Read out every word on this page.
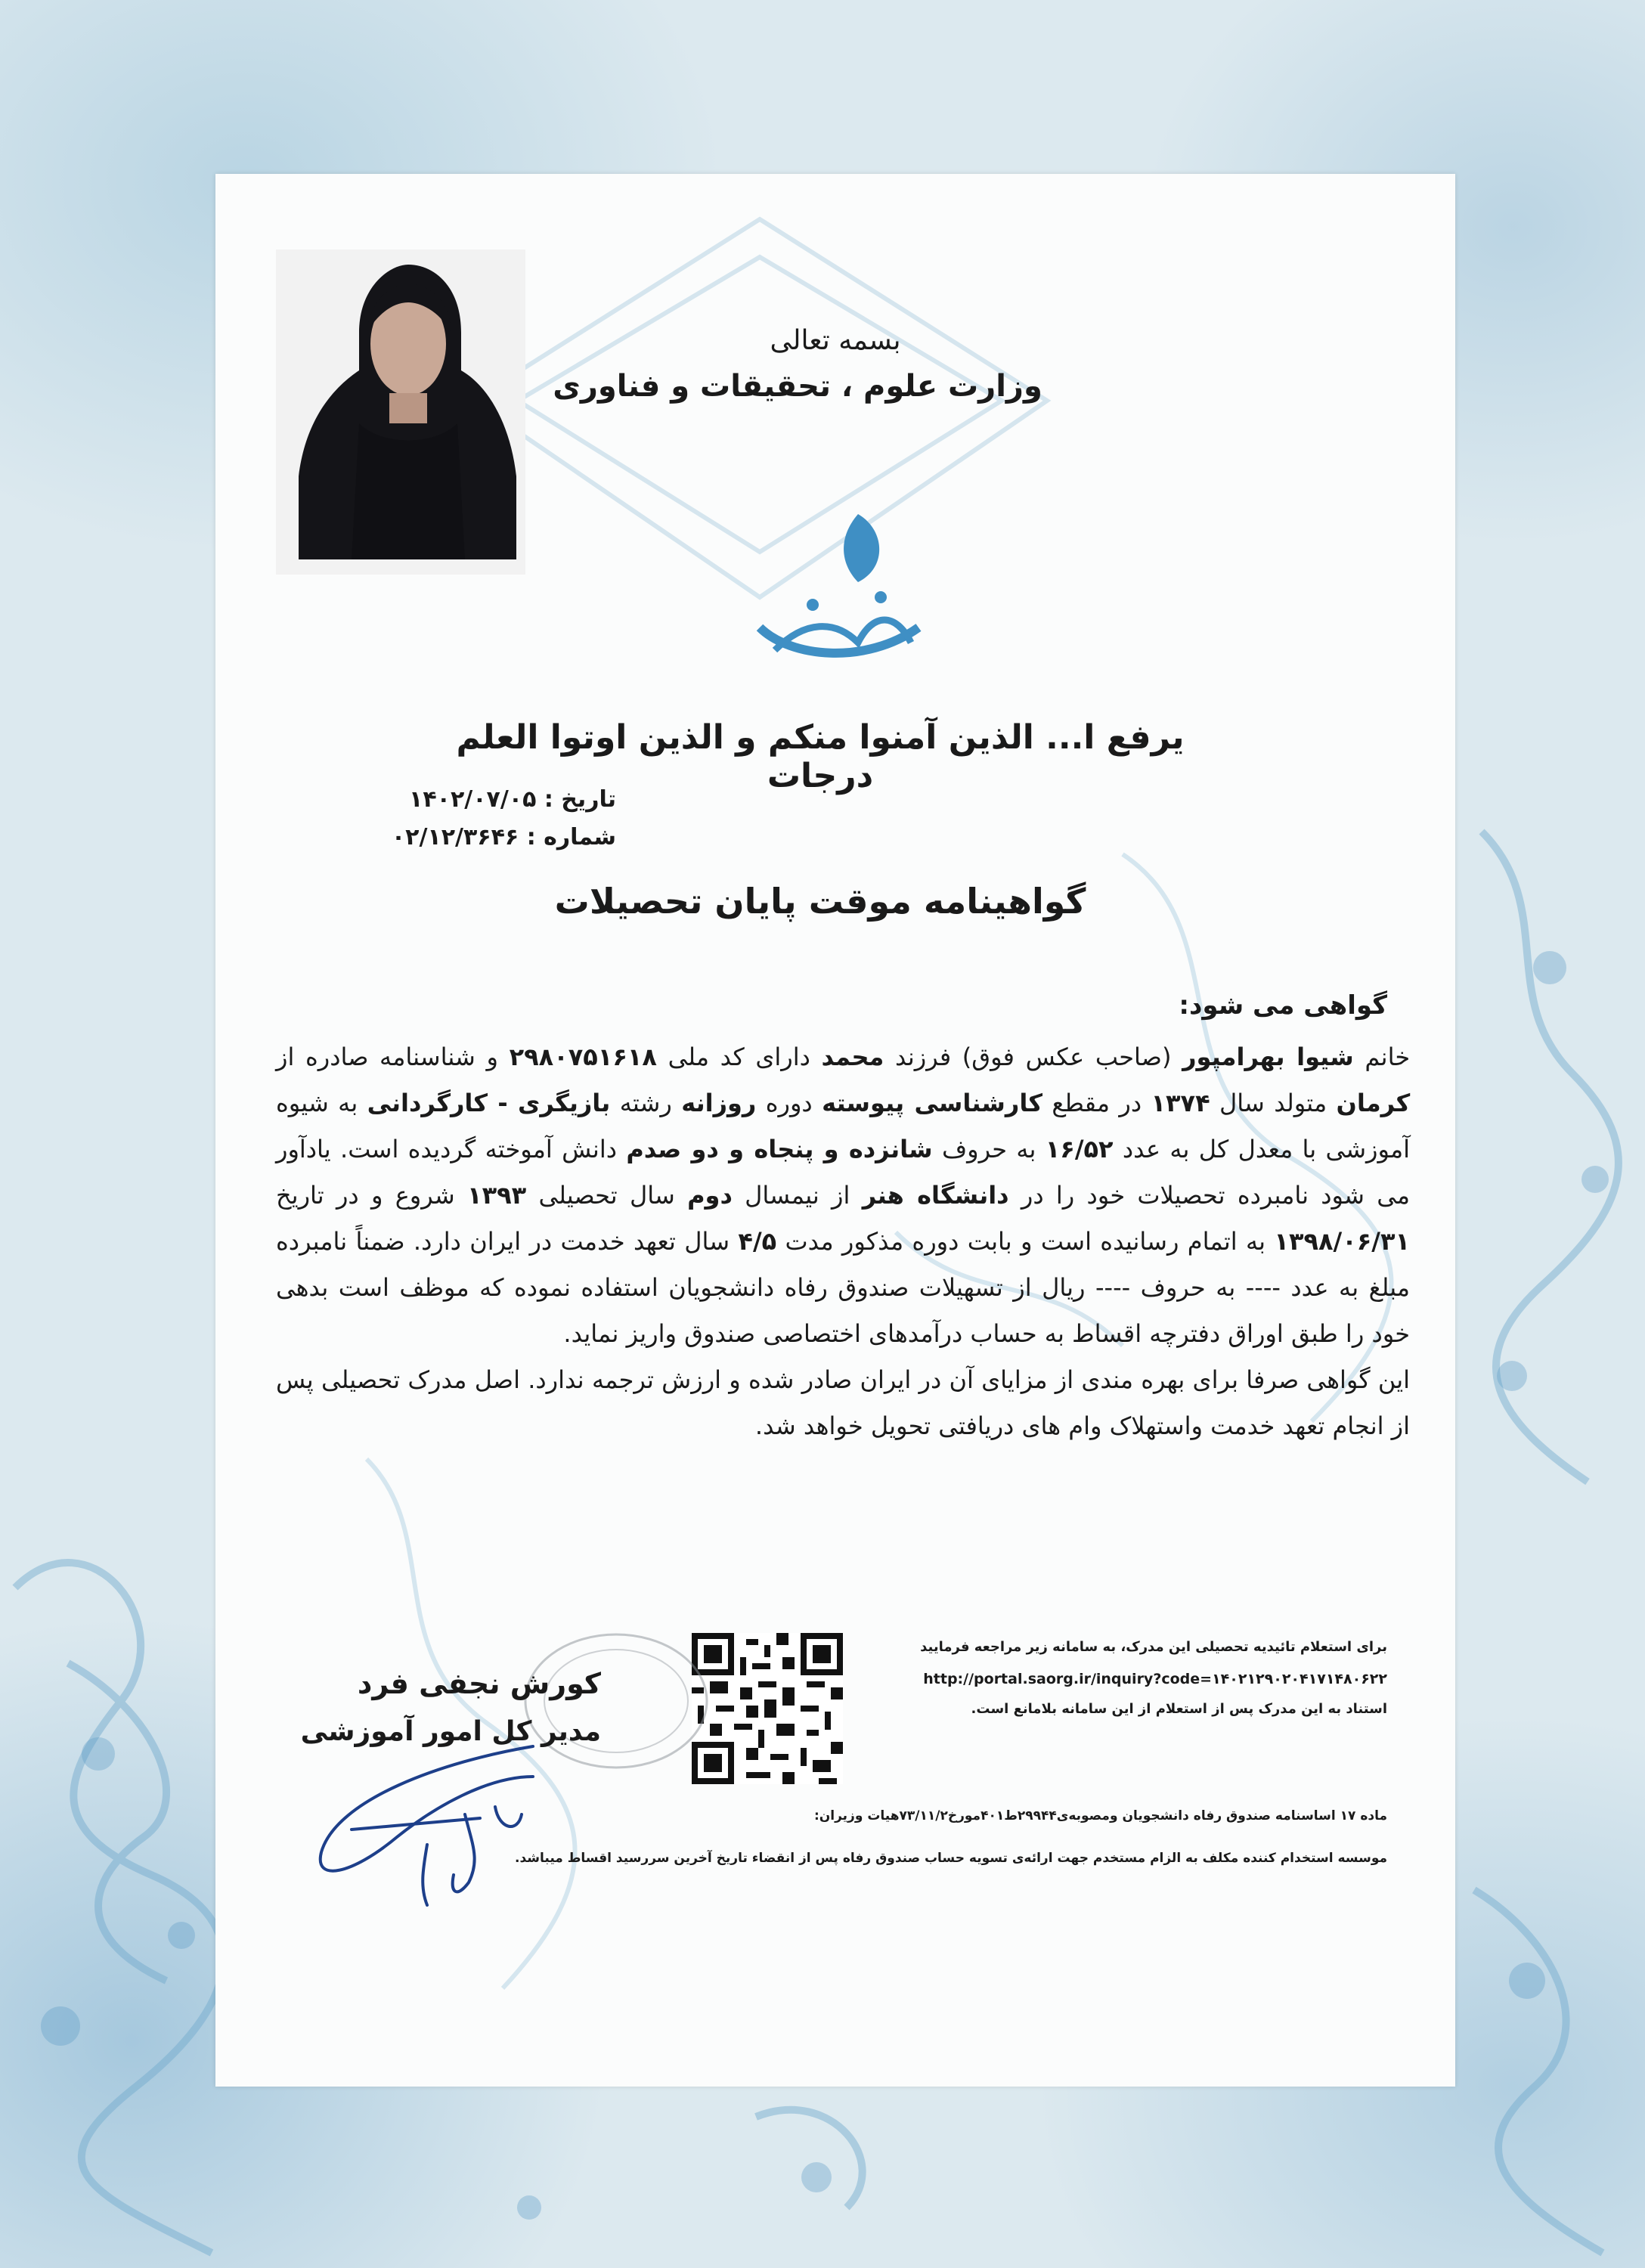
بسمه تعالی
وزارت علوم ، تحقیقات و فناوری
یرفع ا... الذین آمنوا منکم و الذین اوتوا العلم درجات
تاریخ : ۱۴۰۲/۰۷/۰۵
شماره : ۰۲/۱۲/۳۶۴۶
گواهینامه موقت پایان تحصیلات
گواهی می شود:
خانم شیوا بهرامپور (صاحب عکس فوق) فرزند محمد دارای کد ملی ۲۹۸۰۷۵۱۶۱۸ و شناسنامه صادره از کرمان متولد سال ۱۳۷۴ در مقطع کارشناسی پیوسته دوره روزانه رشته بازیگری - کارگردانی به شیوه آموزشی با معدل کل به عدد ۱۶/۵۲ به حروف شانزده و پنجاه و دو صدم دانش آموخته گردیده است. یادآور می شود نامبرده تحصیلات خود را در دانشگاه هنر از نیمسال دوم سال تحصیلی ۱۳۹۳ شروع و در تاریخ ۱۳۹۸/۰۶/۳۱ به اتمام رسانیده است و بابت دوره مذکور مدت ۴/۵ سال تعهد خدمت در ایران دارد. ضمناً نامبرده مبلغ به عدد ---- به حروف ---- ریال از تسهیلات صندوق رفاه دانشجویان استفاده نموده که موظف است بدهی خود را طبق اوراق دفترچه اقساط به حساب درآمدهای اختصاصی صندوق واریز نماید.
این گواهی صرفا برای بهره مندی از مزایای آن در ایران صادر شده و ارزش ترجمه ندارد. اصل مدرک تحصیلی پس از انجام تعهد خدمت واستهلاک وام های دریافتی تحویل خواهد شد.
برای استعلام تائیدیه تحصیلی این مدرک، به سامانه زیر مراجعه فرمایید
http://portal.saorg.ir/inquiry?code=۱۴۰۲۱۲۹۰۲۰۴۱۷۱۴۸۰۶۲۲
استناد به این مدرک پس از استعلام از این سامانه بلامانع است.
کورش نجفی فرد
مدیر کل امور آموزشی
ماده ۱۷ اساسنامه صندوق رفاه دانشجویان ومصوبه‌ی۲۹۹۴۴ط۴۰۱مورخ۷۳/۱۱/۲هیات وزیران:
موسسه استخدام کننده مکلف به الزام مستخدم جهت ارائه‌ی تسویه حساب صندوق رفاه پس از انقضاء تاریخ آخرین سررسید اقساط میباشد.
